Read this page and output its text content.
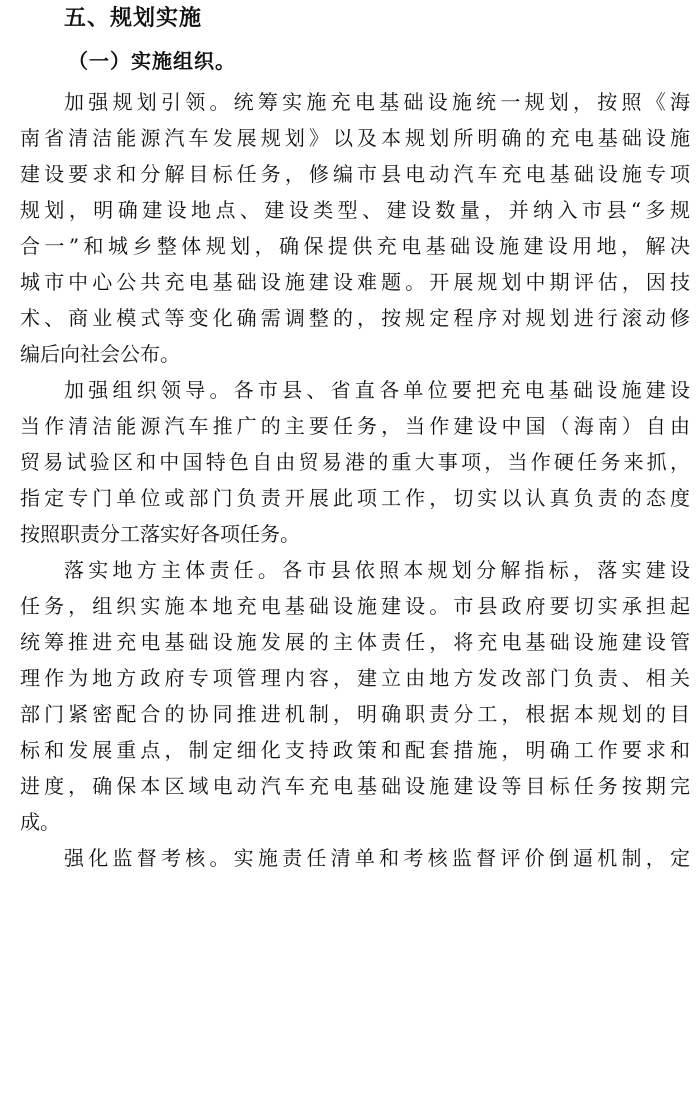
五、规划实施
（一）实施组织。
加强规划引领。统筹实施充电基础设施统一规划，按照《海
南省清洁能源汽车发展规划》以及本规划所明确的充电基础设施
建设要求和分解目标任务，修编市县电动汽车充电基础设施专项
规划，明确建设地点、建设类型、建设数量，并纳入市县“多规
合一”和城乡整体规划，确保提供充电基础设施建设用地，解决
城市中心公共充电基础设施建设难题。开展规划中期评估，因技
术、商业模式等变化确需调整的，按规定程序对规划进行滚动修
编后向社会公布。
加强组织领导。各市县、省直各单位要把充电基础设施建设
当作清洁能源汽车推广的主要任务，当作建设中国（海南）自由
贸易试验区和中国特色自由贸易港的重大事项，当作硬任务来抓，
指定专门单位或部门负责开展此项工作，切实以认真负责的态度
按照职责分工落实好各项任务。
落实地方主体责任。各市县依照本规划分解指标，落实建设
任务，组织实施本地充电基础设施建设。市县政府要切实承担起
统筹推进充电基础设施发展的主体责任，将充电基础设施建设管
理作为地方政府专项管理内容，建立由地方发改部门负责、相关
部门紧密配合的协同推进机制，明确职责分工，根据本规划的目
标和发展重点，制定细化支持政策和配套措施，明确工作要求和
进度，确保本区域电动汽车充电基础设施建设等目标任务按期完
成。
强化监督考核。实施责任清单和考核监督评价倒逼机制，定
